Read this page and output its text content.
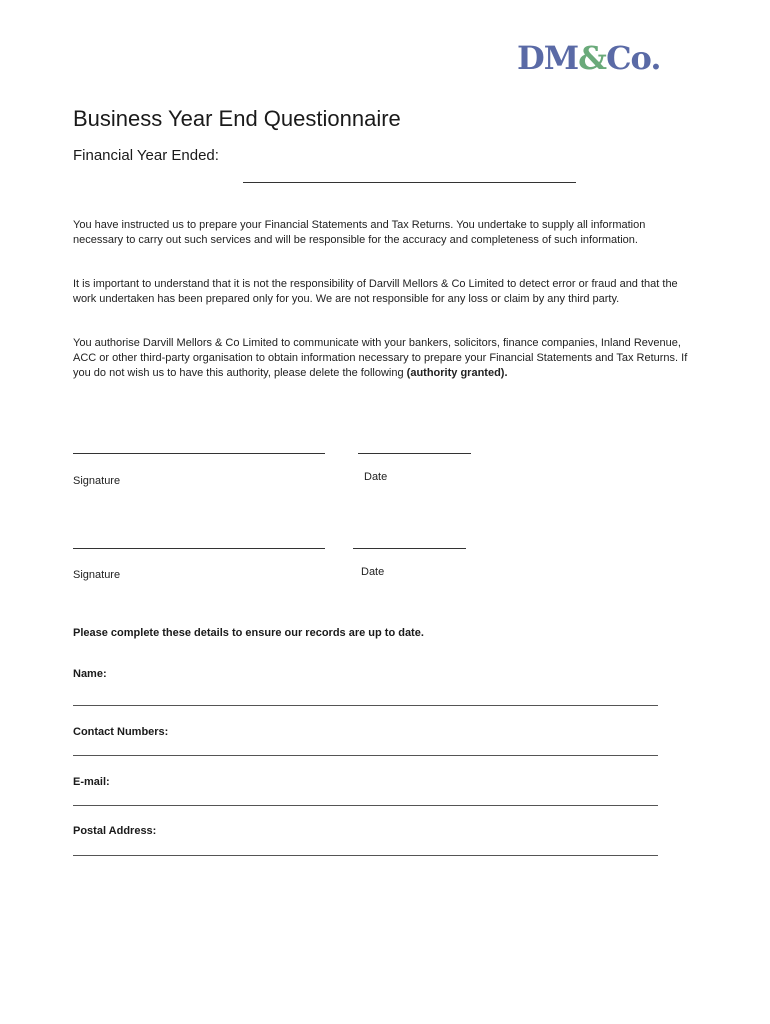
DM&Co.
Business Year End Questionnaire
Financial Year Ended:
You have instructed us to prepare your Financial Statements and Tax Returns. You undertake to supply all information necessary to carry out such services and will be responsible for the accuracy and completeness of such information.
It is important to understand that it is not the responsibility of Darvill Mellors & Co Limited to detect error or fraud and that the work undertaken has been prepared only for you. We are not responsible for any loss or claim by any third party.
You authorise Darvill Mellors & Co Limited to communicate with your bankers, solicitors, finance companies, Inland Revenue, ACC or other third-party organisation to obtain information necessary to prepare your Financial Statements and Tax Returns. If you do not wish us to have this authority, please delete the following (authority granted).
Signature	Date
Signature	Date
Please complete these details to ensure our records are up to date.
Name:
Contact Numbers:
E-mail:
Postal Address:
